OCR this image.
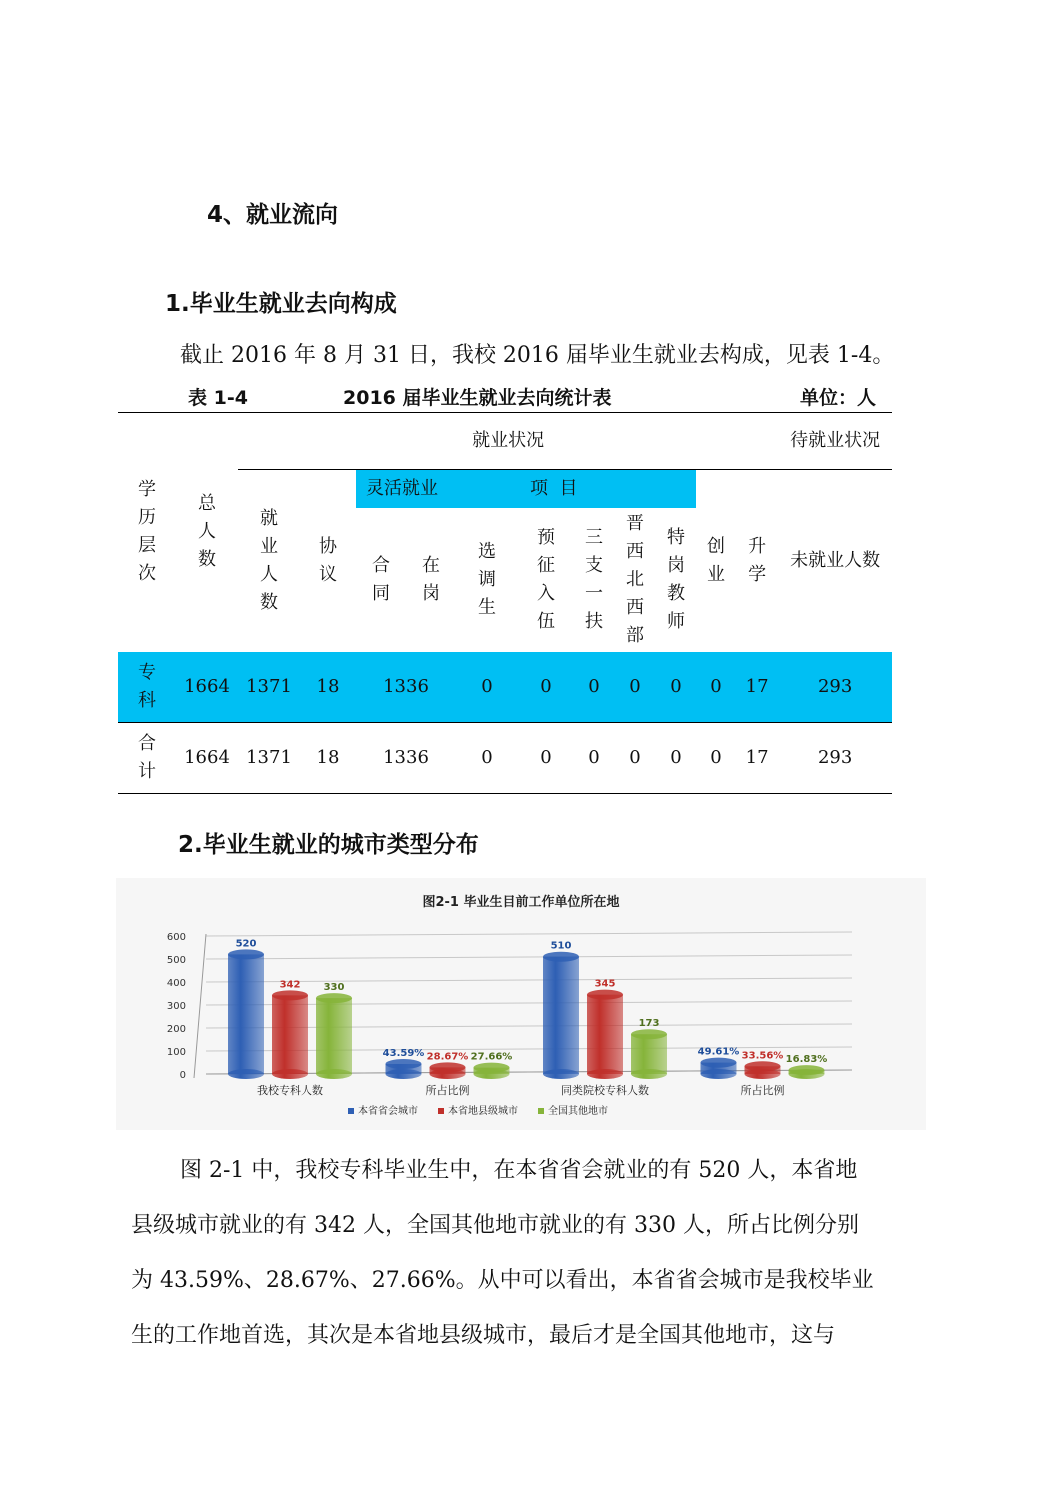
4、就业流向
1.毕业生就业去向构成
截止 2016 年 8 月 31 日，我校 2016 届毕业生就业去构成，见表 1-4。
表 1-4	2016 届毕业生就业去向统计表	单位：人
学历层次	总人数	就业状况											待就业状况
		就业人数	协议	灵活就业			项  目				创业	升学	未就业人数
				合同	在岗	选调生	预征入伍	三支一扶	晋西北西部	特岗教师			
专科	1664	1371	18	1336		0	0	0	0	0	0	17	293
合计	1664	1371	18	1336		0	0	0	0	0	0	17	293
2.毕业生就业的城市类型分布
图2-1 毕业生目前工作单位所在地
0
100
200
300
400
500
600
520
342 330
我校专科人数
43.59% 28.67% 27.66%
所占比例
510
345
173
同类院校专科人数
49.61% 33.56% 16.83%
所占比例
本省省会城市	本省地县级城市	全国其他地市
图 2-1 中，我校专科毕业生中，在本省省会就业的有 520 人，本省地
县级城市就业的有 342 人，全国其他地市就业的有 330 人，所占比例分别
为 43.59%、28.67%、27.66%。从中可以看出，本省省会城市是我校毕业
生的工作地首选，其次是本省地县级城市，最后才是全国其他地市，这与
